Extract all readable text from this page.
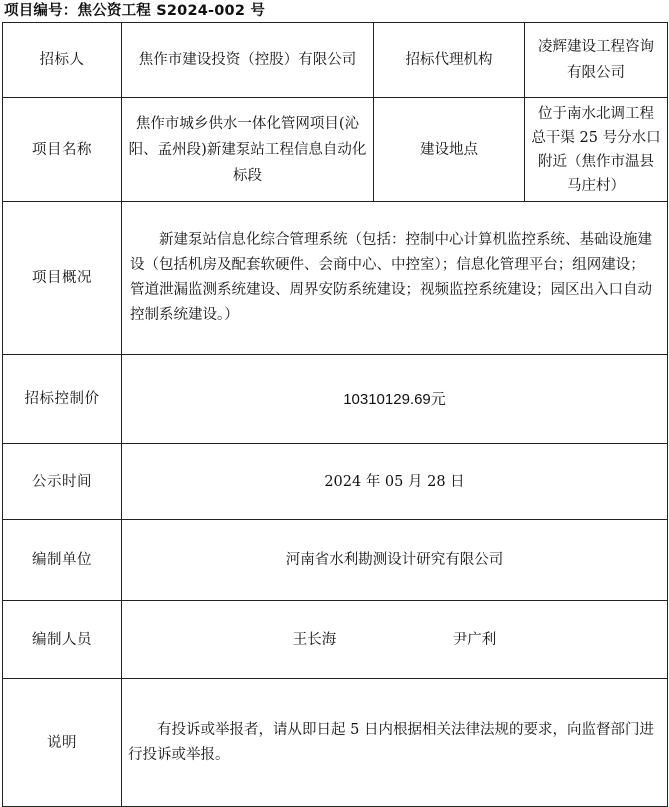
项目编号：焦公资工程 S2024-002 号
招标人	焦作市建设投资（控股）有限公司	招标代理机构	凌辉建设工程咨询有限公司
项目名称	焦作市城乡供水一体化管网项目(沁阳、孟州段)新建泵站工程信息自动化标段	建设地点	位于南水北调工程总干渠 25 号分水口附近（焦作市温县马庄村）
项目概况	新建泵站信息化综合管理系统（包括：控制中心计算机监控系统、基础设施建设（包括机房及配套软硬件、会商中心、中控室）；信息化管理平台；组网建设；管道泄漏监测系统建设、周界安防系统建设；视频监控系统建设；园区出入口自动控制系统建设。）		
招标控制价	10310129.69元		
公示时间	2024 年 05 月 28 日		
编制单位	河南省水利勘测设计研究有限公司		
编制人员	王长海 尹广利		

说明	有投诉或举报者，请从即日起 5 日内根据相关法律法规的要求，向监督部门进行投诉或举报。		
